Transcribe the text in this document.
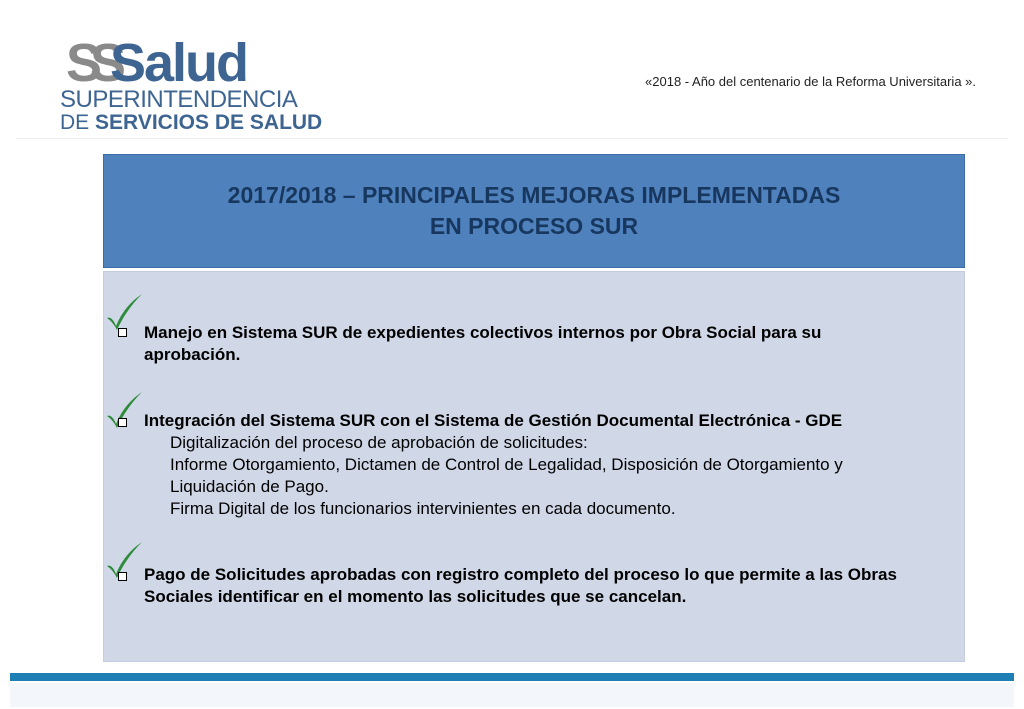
SS
Salud
SUPERINTENDENCIA
DE SERVICIOS DE SALUD
«2018 - Año del centenario de la Reforma Universitaria ».
2017/2018 – PRINCIPALES MEJORAS IMPLEMENTADAS
EN PROCESO SUR
Manejo en Sistema SUR de expedientes colectivos internos por Obra Social para su
aprobación.
Integración del Sistema SUR con el Sistema de Gestión Documental Electrónica - GDE
Digitalización del proceso de aprobación de solicitudes:
Informe Otorgamiento, Dictamen de Control de Legalidad, Disposición de Otorgamiento y
Liquidación de Pago.
Firma Digital de los funcionarios intervinientes en cada documento.
Pago de Solicitudes aprobadas con registro completo del proceso lo que permite a las Obras
Sociales identificar en el momento las solicitudes que se cancelan.
